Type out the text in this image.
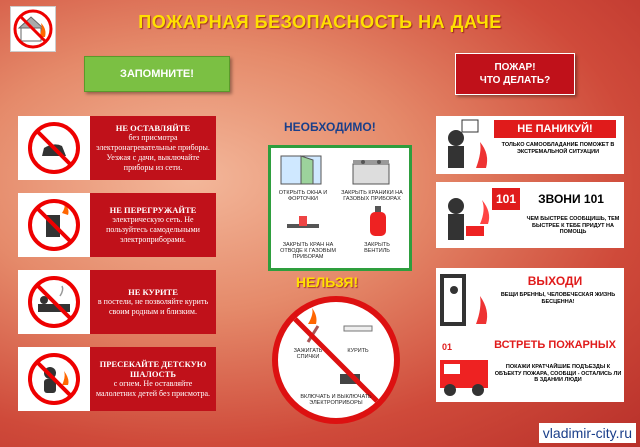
ПОЖАРНАЯ БЕЗОПАСНОСТЬ НА ДАЧЕ
ЗАПОМНИТЕ!
ПОЖАР!
ЧТО ДЕЛАТЬ?
НЕ ОСТАВЛЯЙТЕ
без присмотра электронагревательные приборы. Уезжая с дачи, выключайте приборы из сети.
НЕ ПЕРЕГРУЖАЙТЕ
электрическую сеть. Не пользуйтесь самодельными электроприборами.
НЕ КУРИТЕ
в постели, не позволяйте курить своим родным и близким.
ПРЕСЕКАЙТЕ ДЕТСКУЮ ШАЛОСТЬ
с огнем. Не оставляйте малолетних детей без присмотра.
НЕОБХОДИМО!
ОТКРЫТЬ ОКНА И ФОРТОЧКИ
ЗАКРЫТЬ КРАНИКИ НА ГАЗОВЫХ ПРИБОРАХ
ЗАКРЫТЬ КРАН НА ОТВОДЕ К ГАЗОВЫМ ПРИБОРАМ
ЗАКРЫТЬ ВЕНТИЛЬ
НЕЛЬЗЯ!
ЗАЖИГАТЬ СПИЧКИ
КУРИТЬ
ВКЛЮЧАТЬ И ВЫКЛЮЧАТЬ ЭЛЕКТРОПРИБОРЫ
НЕ ПАНИКУЙ!
ТОЛЬКО САМООБЛАДАНИЕ ПОМОЖЕТ В ЭКСТРЕМАЛЬНОЙ СИТУАЦИИ
101	ЗВОНИ 101
ЧЕМ БЫСТРЕЕ СООБЩИШЬ, ТЕМ БЫСТРЕЕ К ТЕБЕ ПРИДУТ НА ПОМОЩЬ
ВЫХОДИ
ВЕЩИ БРЕННЫ, ЧЕЛОВЕЧЕСКАЯ ЖИЗНЬ БЕСЦЕННА!
01	ВСТРЕТЬ ПОЖАРНЫХ
ПОКАЖИ КРАТЧАЙШИЕ ПОДЪЕЗДЫ К ОБЪЕКТУ ПОЖАРА, СООБЩИ - ОСТАЛИСЬ ЛИ В ЗДАНИИ ЛЮДИ
vladimir-city.ru
